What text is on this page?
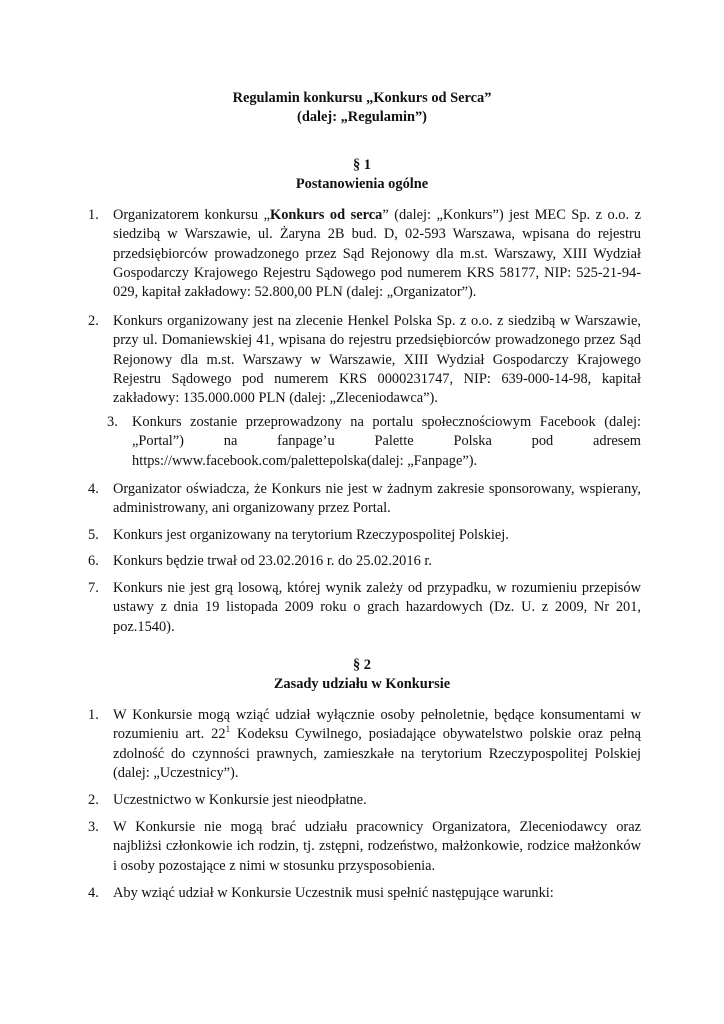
Regulamin konkursu „Konkurs od Serca”
(dalej: „Regulamin”)
§ 1
Postanowienia ogólne
1. Organizatorem konkursu „Konkurs od serca” (dalej: „Konkurs”) jest MEC Sp. z o.o. z siedzibą w Warszawie, ul. Żaryna 2B bud. D, 02-593 Warszawa, wpisana do rejestru przedsiębiorców prowadzonego przez Sąd Rejonowy dla m.st. Warszawy, XIII Wydział Gospodarczy Krajowego Rejestru Sądowego pod numerem KRS 58177, NIP: 525-21-94-029, kapitał zakładowy: 52.800,00 PLN (dalej: „Organizator”).
2. Konkurs organizowany jest na zlecenie Henkel Polska Sp. z o.o. z siedzibą w Warszawie, przy ul. Domaniewskiej 41, wpisana do rejestru przedsiębiorców prowadzonego przez Sąd Rejonowy dla m.st. Warszawy w Warszawie, XIII Wydział Gospodarczy Krajowego Rejestru Sądowego pod numerem KRS 0000231747, NIP: 639-000-14-98, kapitał zakładowy: 135.000.000 PLN (dalej: „Zleceniodawca”).
3. Konkurs zostanie przeprowadzony na portalu społecznościowym Facebook (dalej: „Portal”) na fanpage’u Palette Polska pod adresem https://www.facebook.com/palettepolska(dalej: „Fanpage”).
4. Organizator oświadcza, że Konkurs nie jest w żadnym zakresie sponsorowany, wspierany, administrowany, ani organizowany przez Portal.
5. Konkurs jest organizowany na terytorium Rzeczypospolitej Polskiej.
6. Konkurs będzie trwał od 23.02.2016 r. do 25.02.2016 r.
7. Konkurs nie jest grą losową, której wynik zależy od przypadku, w rozumieniu przepisów ustawy z dnia 19 listopada 2009 roku o grach hazardowych (Dz. U. z 2009, Nr 201, poz.1540).
§ 2
Zasady udziału w Konkursie
1. W Konkursie mogą wziąć udział wyłącznie osoby pełnoletnie, będące konsumentami w rozumieniu art. $22^1$ Kodeksu Cywilnego, posiadające obywatelstwo polskie oraz pełną zdolność do czynności prawnych, zamieszkałe na terytorium Rzeczypospolitej Polskiej (dalej: „Uczestnicy”).
2. Uczestnictwo w Konkursie jest nieodpłatne.
3. W Konkursie nie mogą brać udziału pracownicy Organizatora, Zleceniodawcy oraz najbliżsi członkowie ich rodzin, tj. zstępni, rodzeństwo, małżonkowie, rodzice małżonków i osoby pozostające z nimi w stosunku przysposobienia.
4. Aby wziąć udział w Konkursie Uczestnik musi spełnić następujące warunki:
